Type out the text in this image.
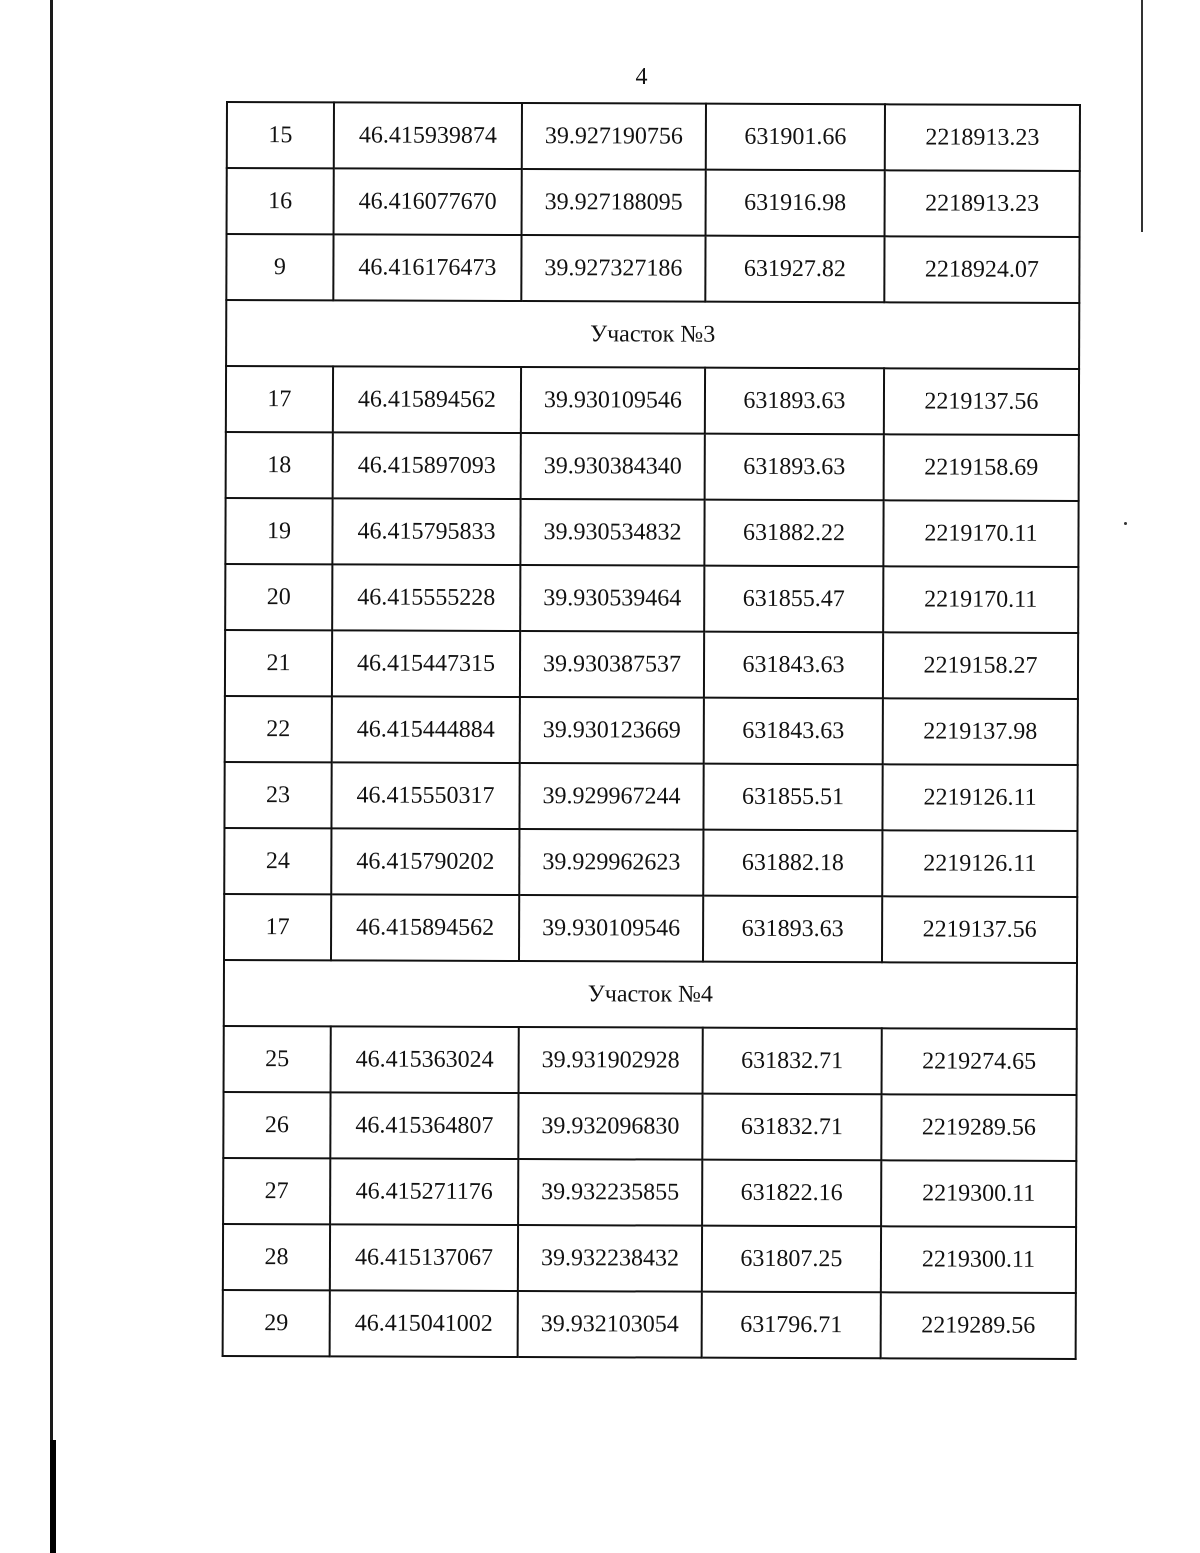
4
15	46.415939874	39.927190756	631901.66	2218913.23
16	46.416077670	39.927188095	631916.98	2218913.23
9	46.416176473	39.927327186	631927.82	2218924.07
Участок №3				
17	46.415894562	39.930109546	631893.63	2219137.56
18	46.415897093	39.930384340	631893.63	2219158.69
19	46.415795833	39.930534832	631882.22	2219170.11
20	46.415555228	39.930539464	631855.47	2219170.11
21	46.415447315	39.930387537	631843.63	2219158.27
22	46.415444884	39.930123669	631843.63	2219137.98
23	46.415550317	39.929967244	631855.51	2219126.11
24	46.415790202	39.929962623	631882.18	2219126.11
17	46.415894562	39.930109546	631893.63	2219137.56
Участок №4				
25	46.415363024	39.931902928	631832.71	2219274.65
26	46.415364807	39.932096830	631832.71	2219289.56
27	46.415271176	39.932235855	631822.16	2219300.11
28	46.415137067	39.932238432	631807.25	2219300.11
29	46.415041002	39.932103054	631796.71	2219289.56
